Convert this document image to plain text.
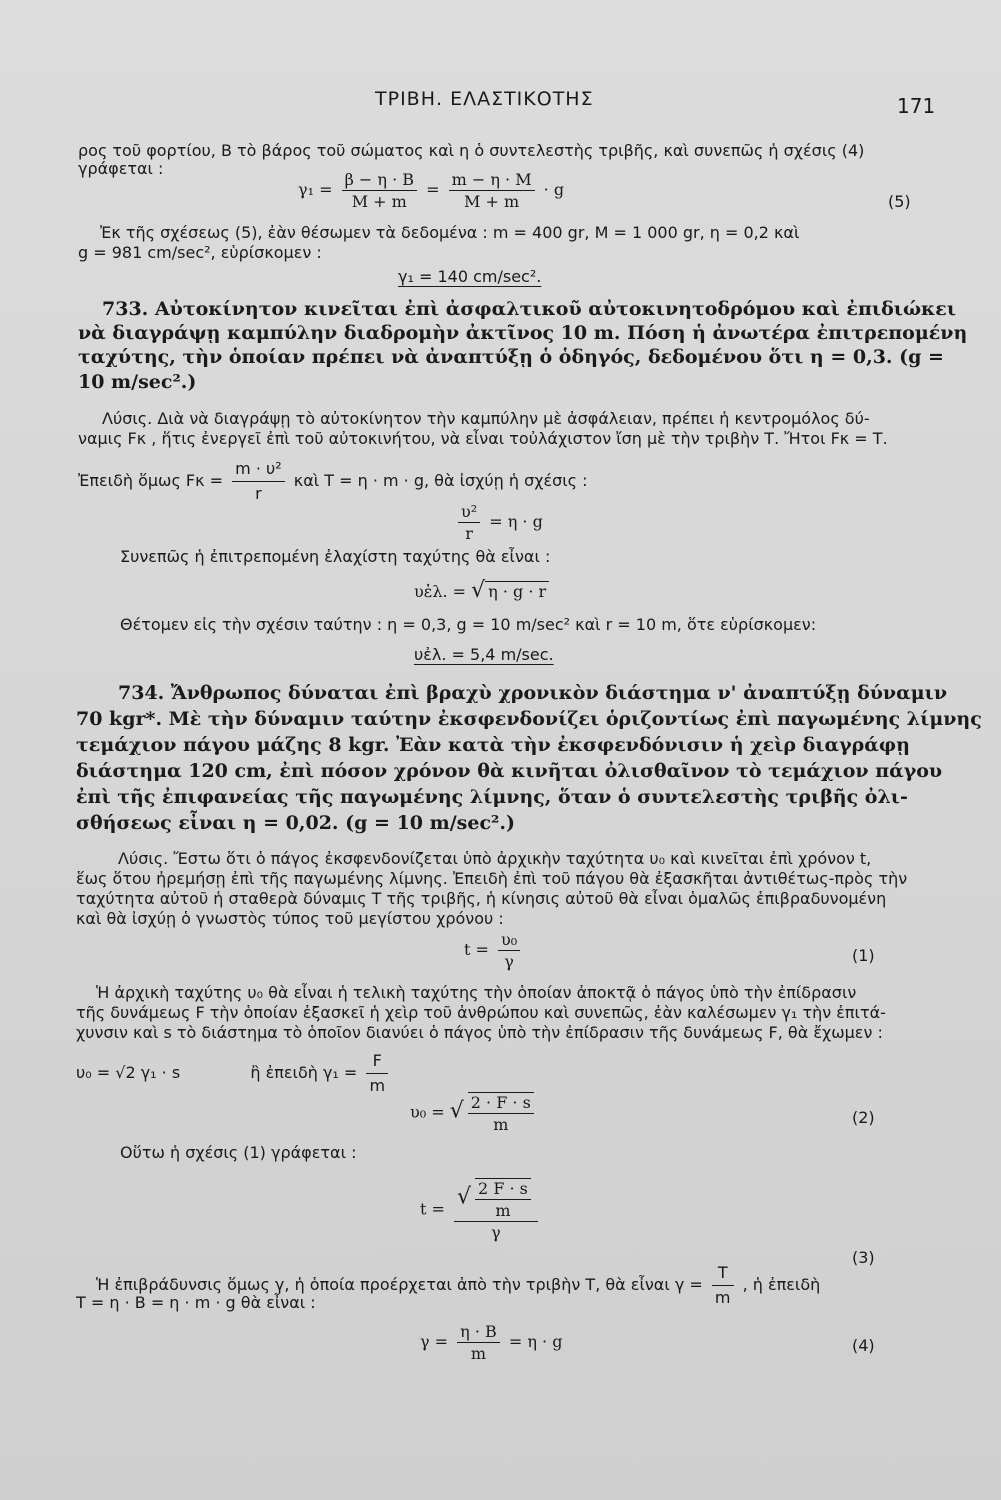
ΤΡΙΒΗ. ΕΛΑΣΤΙΚΟΤΗΣ	171
ρος τοῦ φορτίου, Β τὸ βάρος τοῦ σώματος καὶ η ὁ συντελεστὴς τριβῆς, καὶ συνεπῶς ἡ σχέσις (4)
γράφεται :
$\gamma_1 = \frac{\beta - \eta \cdot B}{M + m} = \frac{m - \eta \cdot M}{M + m} \cdot g$
(5)
Ἐκ τῆς σχέσεως (5), ἐὰν θέσωμεν τὰ δεδομένα : m = 400 gr, Μ = 1 000 gr, η = 0,2 καὶ
g = 981 cm/sec², εὑρίσκομεν :
γ₁ = 140 cm/sec².
733. Αὐτοκίνητον κινεῖται ἐπὶ ἀσφαλτικοῦ αὐτοκινητοδρόμου καὶ ἐπιδιώκει
νὰ διαγράψῃ καμπύλην διαδρομὴν ἀκτῖνος 10 m. Πόση ἡ ἀνωτέρα ἐπιτρεπομένη
ταχύτης, τὴν ὁποίαν πρέπει νὰ ἀναπτύξῃ ὁ ὁδηγός, δεδομένου ὅτι η = 0,3. (g =
10 m/sec².)
Λύσις. Διὰ νὰ διαγράψῃ τὸ αὐτοκίνητον τὴν καμπύλην μὲ ἀσφάλειαν, πρέπει ἡ κεντρομόλος δύ-
ναμις Fκ , ἥτις ἐνεργεῖ ἐπὶ τοῦ αὐτοκινήτου, νὰ εἶναι τοὐλάχιστον ἴση μὲ τὴν τριβὴν Τ. Ἤτοι Fκ = Τ.
Ἐπειδὴ ὅμως $F\kappa = \frac{\text{m · υ²}}{r}$ καὶ Τ = η · m · g, θὰ ἰσχύῃ ἡ σχέσις :
$\frac{\text{υ²}}{r} = \eta \cdot g$
Συνεπῶς ἡ ἐπιτρεπομένη ἐλαχίστη ταχύτης θὰ εἶναι :
υἐλ. = √ η · g · r
Θέτομεν εἰς τὴν σχέσιν ταύτην : η = 0,3, g = 10 m/sec² καὶ r = 10 m, ὅτε εὑρίσκομεν:
υἐλ. = 5,4 m/sec.
734. Ἄνθρωπος δύναται ἐπὶ βραχὺ χρονικὸν διάστημα ν' ἀναπτύξῃ δύναμιν
70 kgr*. Μὲ τὴν δύναμιν ταύτην ἐκσφενδονίζει ὁριζοντίως ἐπὶ παγωμένης λίμνης
τεμάχιον πάγου μάζης 8 kgr. Ἐὰν κατὰ τὴν ἐκσφενδόνισιν ἡ χεὶρ διαγράφῃ
διάστημα 120 cm, ἐπὶ πόσον χρόνον θὰ κινῆται ὀλισθαῖνον τὸ τεμάχιον πάγου
ἐπὶ τῆς ἐπιφανείας τῆς παγωμένης λίμνης, ὅταν ὁ συντελεστὴς τριβῆς ὀλι-
σθήσεως εἶναι η = 0,02. (g = 10 m/sec².)
Λύσις. Ἔστω ὅτι ὁ πάγος ἐκσφενδονίζεται ὑπὸ ἀρχικὴν ταχύτητα υ₀ καὶ κινεῖται ἐπὶ χρόνον t,
ἕως ὅτου ἠρεμήσῃ ἐπὶ τῆς παγωμένης λίμνης. Ἐπειδὴ ἐπὶ τοῦ πάγου θὰ ἐξασκῆται ἀντιθέτως-πρὸς τὴν
ταχύτητα αὐτοῦ ἡ σταθερὰ δύναμις Τ τῆς τριβῆς, ἡ κίνησις αὐτοῦ θὰ εἶναι ὁμαλῶς ἐπιβραδυνομένη
καὶ θὰ ἰσχύῃ ὁ γνωστὸς τύπος τοῦ μεγίστου χρόνου :
$t = \frac{\text{υ₀}}{\gamma}$	(1)
Ἡ ἀρχικὴ ταχύτης υ₀ θὰ εἶναι ἡ τελικὴ ταχύτης τὴν ὁποίαν ἀποκτᾷ ὁ πάγος ὑπὸ τὴν ἐπίδρασιν
τῆς δυνάμεως F τὴν ὁποίαν ἐξασκεῖ ἡ χεὶρ τοῦ ἀνθρώπου καὶ συνεπῶς, ἐὰν καλέσωμεν γ₁ τὴν ἐπιτά-
χυνσιν καὶ s τὸ διάστημα τὸ ὁποῖον διανύει ὁ πάγος ὑπὸ τὴν ἐπίδρασιν τῆς δυνάμεως F, θὰ ἔχωμεν :
υ₀ = √2 γ₁ · s	ἢ ἐπειδὴ $\gamma_1 = \frac{F}{m}$
υ₀ = √ $\frac{2 \cdot F \cdot s}{m}$	(2)
Οὕτω ἡ σχέσις (1) γράφεται :
$t = \frac{√ \frac{2 F \cdot s}{m}}{\gamma}$
(3)
Ἡ ἐπιβράδυνσις ὅμως γ, ἡ ὁποία προέρχεται ἀπὸ τὴν τριβὴν Τ, θὰ εἶναι $\gamma = \frac{T}{m}$ , ἡ ἐπειδὴ
Τ = η · Β = η · m · g θὰ εἶναι :
$\gamma = \frac{\eta \cdot B}{m} = \eta \cdot g$	(4)
